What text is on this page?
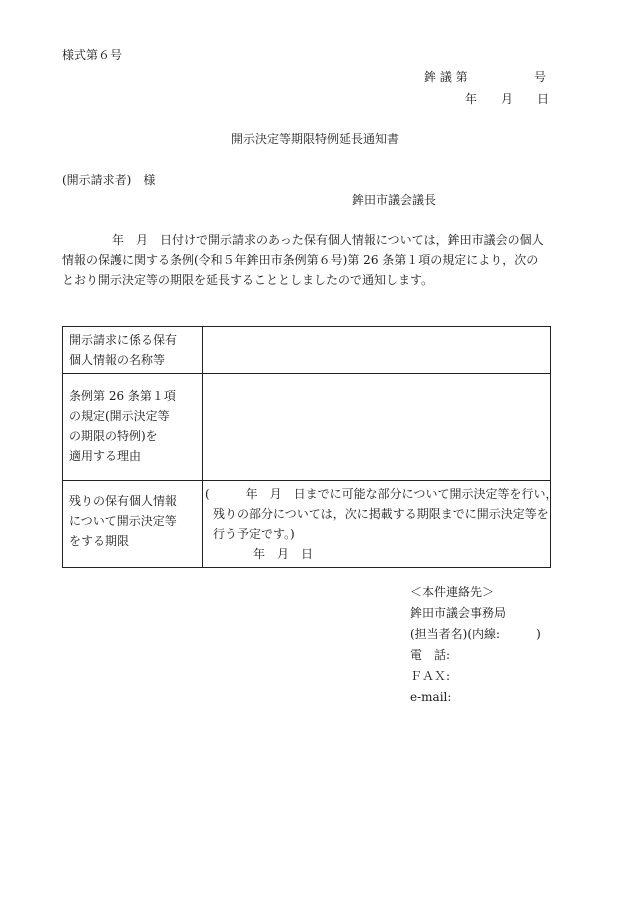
様式第６号
鉾 議 第	号
年　　月　　日
開示決定等期限特例延長通知書
(開示請求者)　様
鉾田市議会議長

年　月　日付けで開示請求のあった保有個人情報については，鉾田市議会の個人

情報の保護に関する条例(令和５年鉾田市条例第６号)第 26 条第１項の規定により，次の

とおり開示決定等の期限を延長することとしましたので通知します。

開示請求に係る保有
個人情報の名称等	

条例第 26 条第１項
の規定(開示決定等
の期限の特例)を
適用する理由	

残りの保有個人情報
について開示決定等
をする期限	(　　　年　月　日までに可能な部分について開示決定等を行い，
残りの部分については，次に掲載する期限までに開示決定等を
行う予定です。)
年　月　日
＜本件連絡先＞
鉾田市議会事務局
(担当者名)(内線:　　　)
電　話:
ＦＡＸ:
e-mail:
